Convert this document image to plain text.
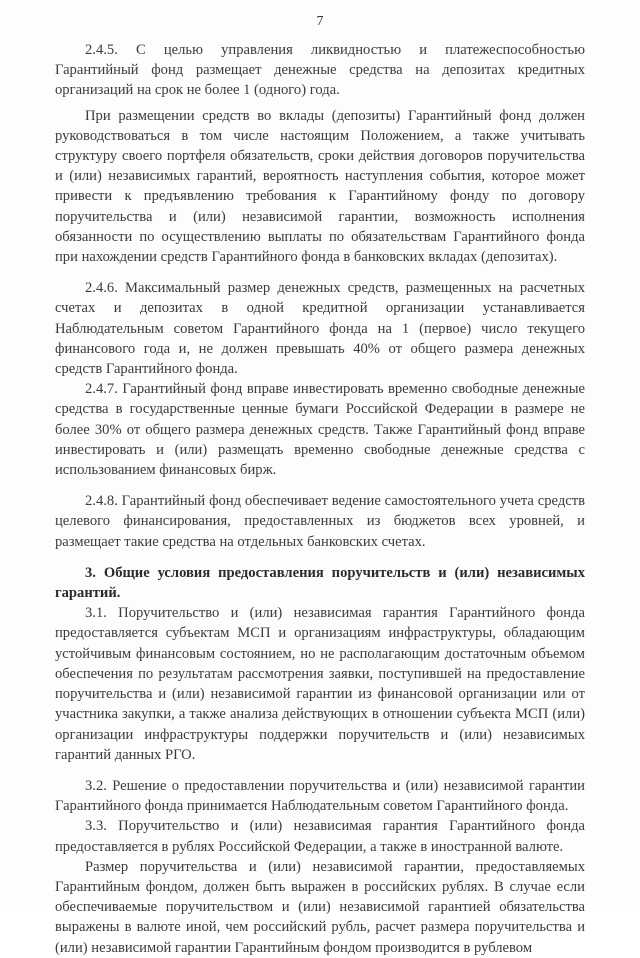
7

2.4.5. С целью управления ликвидностью и платежеспособностью Гарантийный фонд размещает денежные средства на депозитах кредитных организаций на срок не более 1 (одного) года.

При размещении средств во вклады (депозиты) Гарантийный фонд должен руководствоваться в том числе настоящим Положением, а также учитывать структуру своего портфеля обязательств, сроки действия договоров поручительства и (или) независимых гарантий, вероятность наступления события, которое может привести к предъявлению требования к Гарантийному фонду по договору поручительства и (или) независимой гарантии, возможность исполнения обязанности по осуществлению выплаты по обязательствам Гарантийного фонда при нахождении средств Гарантийного фонда в банковских вкладах (депозитах).

2.4.6. Максимальный размер денежных средств, размещенных на расчетных счетах и депозитах в одной кредитной организации устанавливается Наблюдательным советом Гарантийного фонда на 1 (первое) число текущего финансового года и, не должен превышать 40% от общего размера денежных средств Гарантийного фонда.

2.4.7. Гарантийный фонд вправе инвестировать временно свободные денежные средства в государственные ценные бумаги Российской Федерации в размере не более 30% от общего размера денежных средств. Также Гарантийный фонд вправе инвестировать и (или) размещать временно свободные денежные средства с использованием финансовых бирж.

2.4.8. Гарантийный фонд обеспечивает ведение самостоятельного учета средств целевого финансирования, предоставленных из бюджетов всех уровней, и размещает такие средства на отдельных банковских счетах.

3. Общие условия предоставления поручительств и (или) независимых гарантий.

3.1. Поручительство и (или) независимая гарантия Гарантийного фонда предоставляется субъектам МСП и организациям инфраструктуры, обладающим устойчивым финансовым состоянием, но не располагающим достаточным объемом обеспечения по результатам рассмотрения заявки, поступившей на предоставление поручительства и (или) независимой гарантии из финансовой организации или от участника закупки, а также анализа действующих в отношении субъекта МСП (или) организации инфраструктуры поддержки поручительств и (или) независимых гарантий данных РГО.

3.2. Решение о предоставлении поручительства и (или) независимой гарантии Гарантийного фонда принимается Наблюдательным советом Гарантийного фонда.

3.3. Поручительство и (или) независимая гарантия Гарантийного фонда предоставляется в рублях Российской Федерации, а также в иностранной валюте.

Размер поручительства и (или) независимой гарантии, предоставляемых Гарантийным фондом, должен быть выражен в российских рублях. В случае если обеспечиваемые поручительством и (или) независимой гарантией обязательства выражены в валюте иной, чем российский рубль, расчет размера поручительства и (или) независимой гарантии Гарантийным фондом производится в рублевом
